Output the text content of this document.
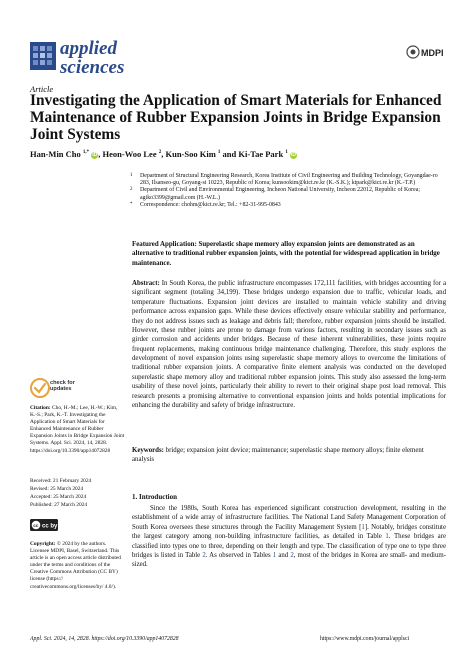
applied
sciences
MDPI
Article
Investigating the Application of Smart Materials for Enhanced Maintenance of Rubber Expansion Joints in Bridge Expansion Joint Systems
Han-Min Cho $^{1,*}$ iD, Heon-Woo Lee $^2$, Kun-Soo Kim $^1$ and Ki-Tae Park $^1$ iD
1 Department of Structural Engineering Research, Korea Institute of Civil Engineering and Building Technology, Goyangdae-ro 283, Ilsanseo-gu, Goyang-si 10223, Republic of Korea; kunsookim@kict.re.kr (K.-S.K.); ktpark@kict.re.kr (K.-T.P.)
2 Department of Civil and Environmental Engineering, Incheon National University, Incheon 22012, Republic of Korea; agiko3399@gmail.com (H.-W.L.)
* Correspondence: chohm@kict.re.kr; Tel.: +82-31-995-0843
Featured Application: Superelastic shape memory alloy expansion joints are demonstrated as an alternative to traditional rubber expansion joints, with the potential for widespread application in bridge maintenance.
Abstract: In South Korea, the public infrastructure encompasses 172,111 facilities, with bridges accounting for a significant segment (totaling 34,199). These bridges undergo expansion due to traffic, vehicular loads, and temperature fluctuations. Expansion joint devices are installed to maintain vehicle stability and driving performance across expansion gaps. While these devices effectively ensure vehicular stability and performance, they do not address issues such as leakage and debris fall; therefore, rubber expansion joints should be installed. However, these rubber joints are prone to damage from various factors, resulting in secondary issues such as girder corrosion and accidents under bridges. Because of these inherent vulnerabilities, these joints require frequent replacements, making continuous bridge maintenance challenging. Therefore, this study explores the development of novel expansion joints using superelastic shape memory alloys to overcome the limitations of traditional rubber expansion joints. A comparative finite element analysis was conducted on the developed superelastic shape memory alloy and traditional rubber expansion joints. This study also assessed the long-term usability of these novel joints, particularly their ability to revert to their original shape post load removal. This research presents a promising alternative to conventional expansion joints and holds potential implications for enhancing the durability and safety of bridge infrastructure.
Keywords: bridge; expansion joint device; maintenance; superelastic shape memory alloys; finite element analysis
1. Introduction
Since the 1980s, South Korea has experienced significant construction development, resulting in the establishment of a wide array of infrastructure facilities. The National Land Safety Management Corporation of South Korea oversees these structures through the Facility Management System [1]. Notably, bridges constitute the largest category among non-building infrastructure facilities, as detailed in Table 1. These bridges are classified into types one to three, depending on their length and type. The classification of type one to type three bridges is listed in Table 2. As observed in Tables 1 and 2, most of the bridges in Korea are small- and medium-sized.
check for
updates
Citation: Cho, H.-M.; Lee, H.-W.; Kim, K.-S.; Park, K.-T. Investigating the Application of Smart Materials for Enhanced Maintenance of Rubber Expansion Joints in Bridge Expansion Joint Systems. Appl. Sci. 2024, 14, 2828. https://doi.org/10.3390/app14072828
Received: 21 February 2024
Revised: 25 March 2024
Accepted: 25 March 2024
Published: 27 March 2024
cc cc by
Copyright: © 2024 by the authors. Licensee MDPI, Basel, Switzerland. This article is an open access article distributed under the terms and conditions of the Creative Commons Attribution (CC BY) license (https:// creativecommons.org/licenses/by/ 4.0/).
Appl. Sci. 2024, 14, 2828. https://doi.org/10.3390/app14072828	https://www.mdpi.com/journal/applsci
